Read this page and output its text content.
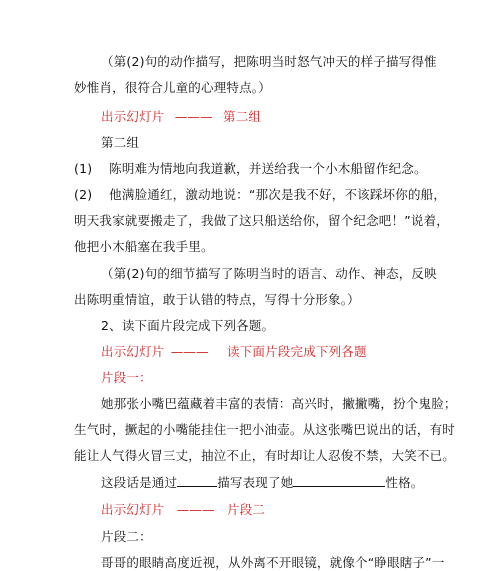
（第(2)句的动作描写，把陈明当时怒气冲天的样子描写得惟
妙惟肖，很符合儿童的心理特点。）
出示幻灯片 ——— 第二组
第二组
(1)　 陈明难为情地向我道歉，并送给我一个小木船留作纪念。
(2)　 他满脸通红，激动地说：“那次是我不好，不该踩坏你的船，
明天我家就要搬走了，我做了这只船送给你，留个纪念吧！”说着，
他把小木船塞在我手里。
（第(2)句的细节描写了陈明当时的语言、动作、神态，反映
出陈明重情谊，敢于认错的特点，写得十分形象。）
2、读下面片段完成下列各题。
出示幻灯片 ——— 读下面片段完成下列各题
片段一：
她那张小嘴巴蕴藏着丰富的表情：高兴时，撇撇嘴，扮个鬼脸；
生气时，撅起的小嘴能挂住一把小油壶。从这张嘴巴说出的话，有时
能让人气得火冒三丈，抽泣不止，有时却让人忍俊不禁，大笑不已。
这段话是通过	描写表现了她	性格。
出示幻灯片 ——— 片段二
片段二：
哥哥的眼睛高度近视，从外离不开眼镜，就像个“睁眼瞎子”一
